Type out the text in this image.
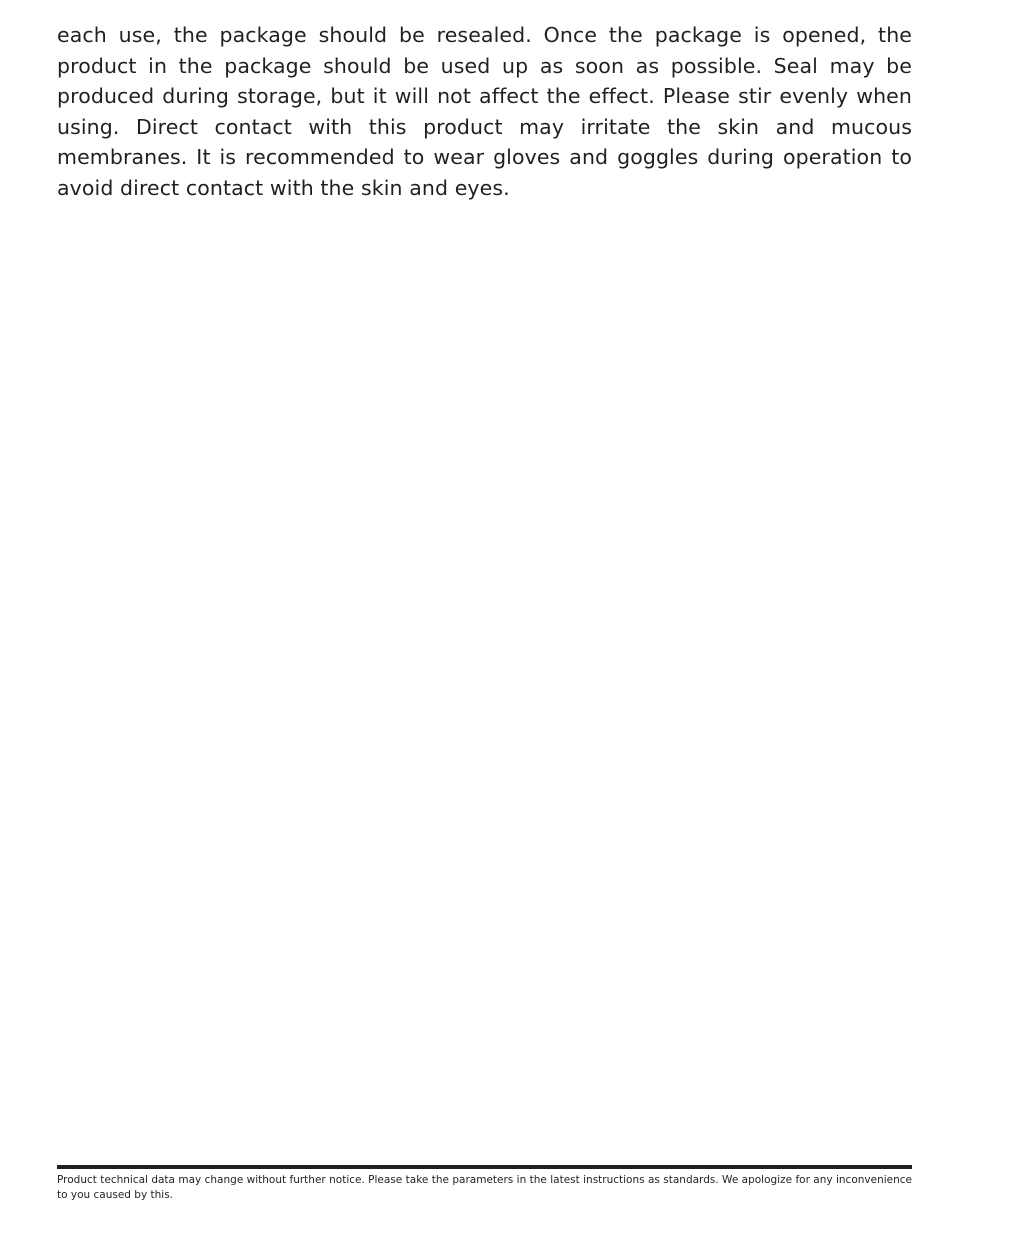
each use, the package should be resealed. Once the package is opened, the product in the package should be used up as soon as possible. Seal may be produced during storage, but it will not affect the effect. Please stir evenly when using. Direct contact with this product may irritate the skin and mucous membranes. It is recommended to wear gloves and goggles during operation to avoid direct contact with the skin and eyes.

Product technical data may change without further notice. Please take the parameters in the latest instructions as standards. We apologize for any inconvenience to you caused by this.
